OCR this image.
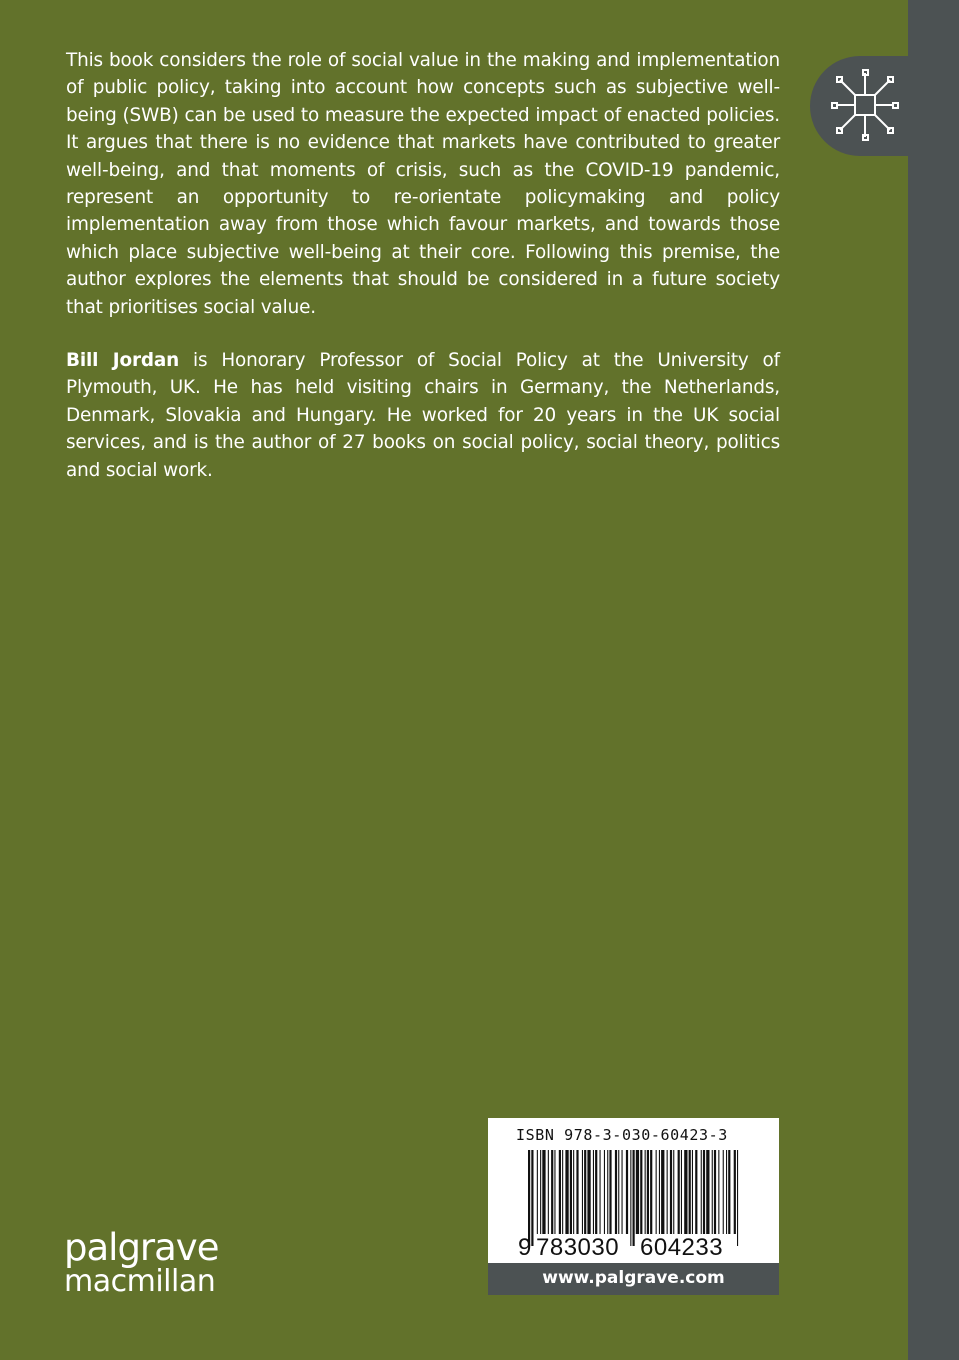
This book considers the role of social value in the making and implementation of public policy, taking into account how concepts such as subjective well-being (SWB) can be used to measure the expected impact of enacted policies. It argues that there is no evidence that markets have contributed to greater well-being, and that moments of crisis, such as the COVID-19 pandemic, represent an opportunity to re-orientate policymaking and policy implementation away from those which favour markets, and towards those which place subjective well-being at their core. Following this premise, the author explores the elements that should be considered in a future society that prioritises social value.

Bill Jordan is Honorary Professor of Social Policy at the University of Plymouth, UK. He has held visiting chairs in Germany, the Netherlands, Denmark, Slovakia and Hungary. He worked for 20 years in the UK social services, and is the author of 27 books on social policy, social theory, politics and social work.

ISBN 978-3-030-60423-3
9 783030 604233
www.palgrave.com
palgrave
macmillan
